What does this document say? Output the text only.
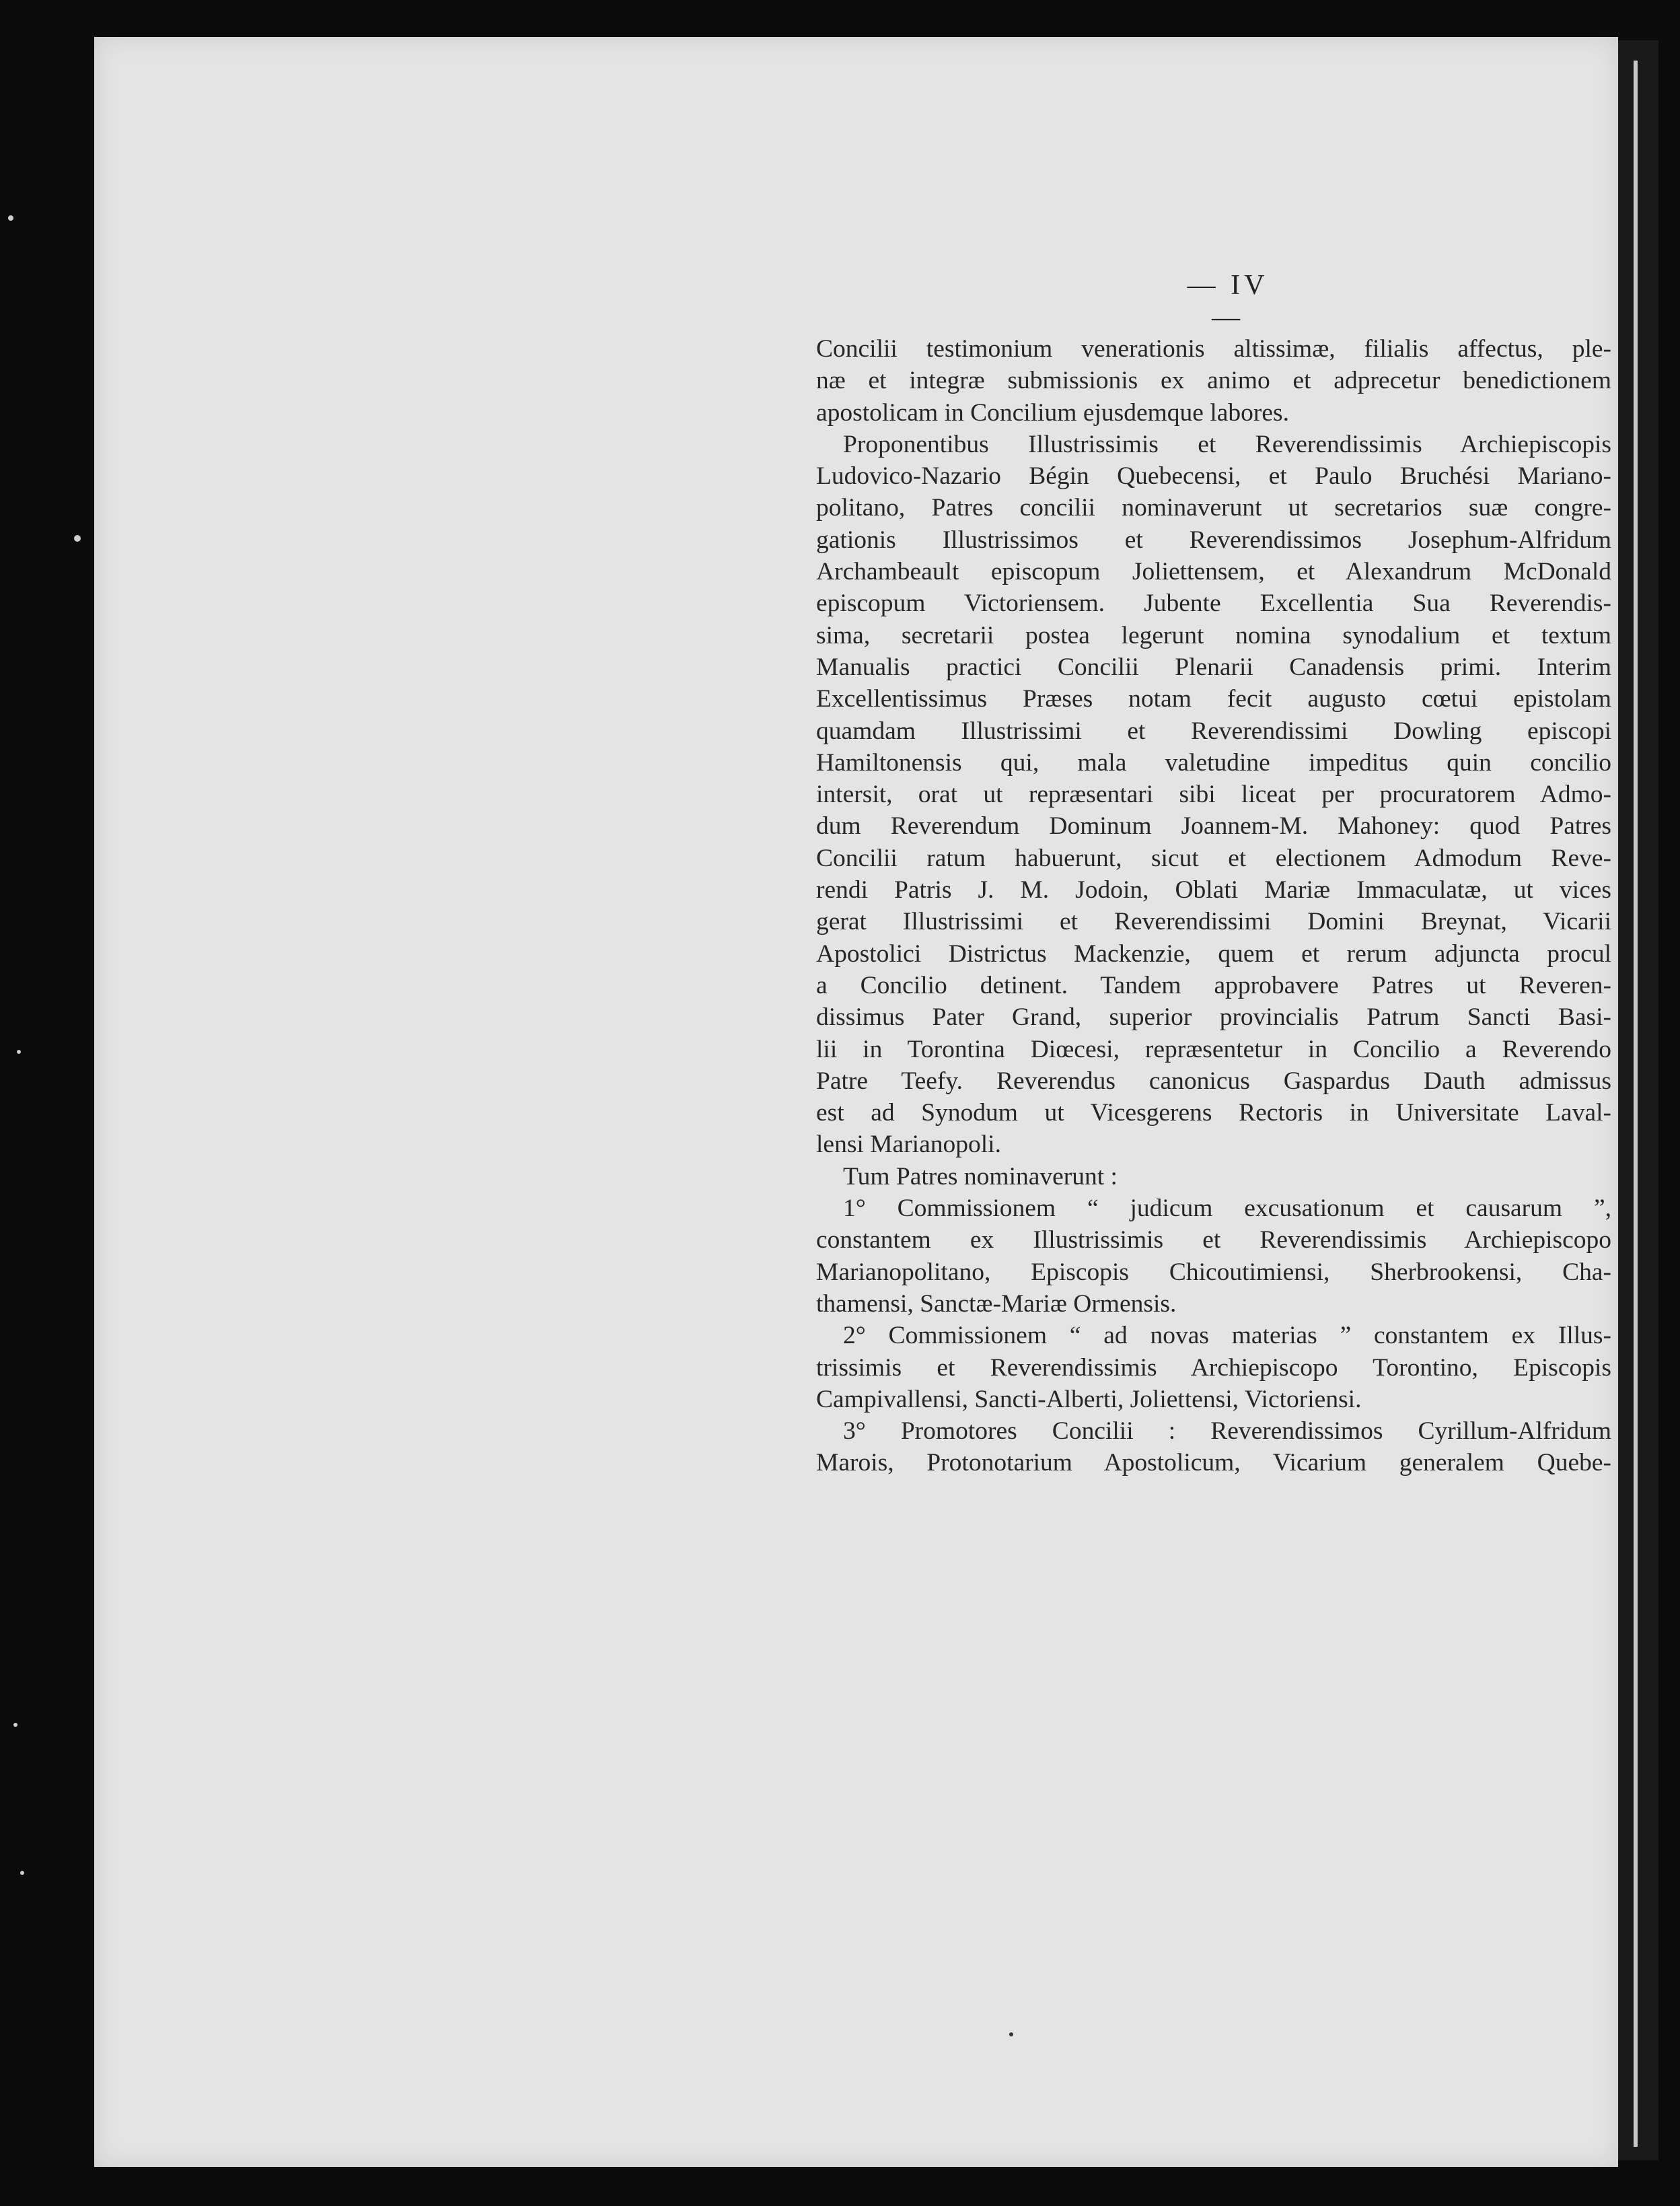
— IV —
Concilii testimonium venerationis altissimæ, filialis affectus, ple-
næ et integræ submissionis ex animo et adprecetur benedictionem
apostolicam in Concilium ejusdemque labores.
Proponentibus Illustrissimis et Reverendissimis Archiepiscopis
Ludovico-Nazario Bégin Quebecensi, et Paulo Bruchési Mariano-
politano, Patres concilii nominaverunt ut secretarios suæ congre-
gationis Illustrissimos et Reverendissimos Josephum-Alfridum
Archambeault episcopum Joliettensem, et Alexandrum McDonald
episcopum Victoriensem. Jubente Excellentia Sua Reverendis-
sima, secretarii postea legerunt nomina synodalium et textum
Manualis practici Concilii Plenarii Canadensis primi. Interim
Excellentissimus Præses notam fecit augusto cœtui epistolam
quamdam Illustrissimi et Reverendissimi Dowling episcopi
Hamiltonensis qui, mala valetudine impeditus quin concilio
intersit, orat ut repræsentari sibi liceat per procuratorem Admo-
dum Reverendum Dominum Joannem-M. Mahoney: quod Patres
Concilii ratum habuerunt, sicut et electionem Admodum Reve-
rendi Patris J. M. Jodoin, Oblati Mariæ Immaculatæ, ut vices
gerat Illustrissimi et Reverendissimi Domini Breynat, Vicarii
Apostolici Districtus Mackenzie, quem et rerum adjuncta procul
a Concilio detinent. Tandem approbavere Patres ut Reveren-
dissimus Pater Grand, superior provincialis Patrum Sancti Basi-
lii in Torontina Diœcesi, repræsentetur in Concilio a Reverendo
Patre Teefy. Reverendus canonicus Gaspardus Dauth admissus
est ad Synodum ut Vicesgerens Rectoris in Universitate Laval-
lensi Marianopoli.
Tum Patres nominaverunt :
1° Commissionem “ judicum excusationum et causarum ”,
constantem ex Illustrissimis et Reverendissimis Archiepiscopo
Marianopolitano, Episcopis Chicoutimiensi, Sherbrookensi, Cha-
thamensi, Sanctæ-Mariæ Ormensis.
2° Commissionem “ ad novas materias ” constantem ex Illus-
trissimis et Reverendissimis Archiepiscopo Torontino, Episcopis
Campivallensi, Sancti-Alberti, Joliettensi, Victoriensi.
3° Promotores Concilii : Reverendissimos Cyrillum-Alfridum
Marois, Protonotarium Apostolicum, Vicarium generalem Quebe-
